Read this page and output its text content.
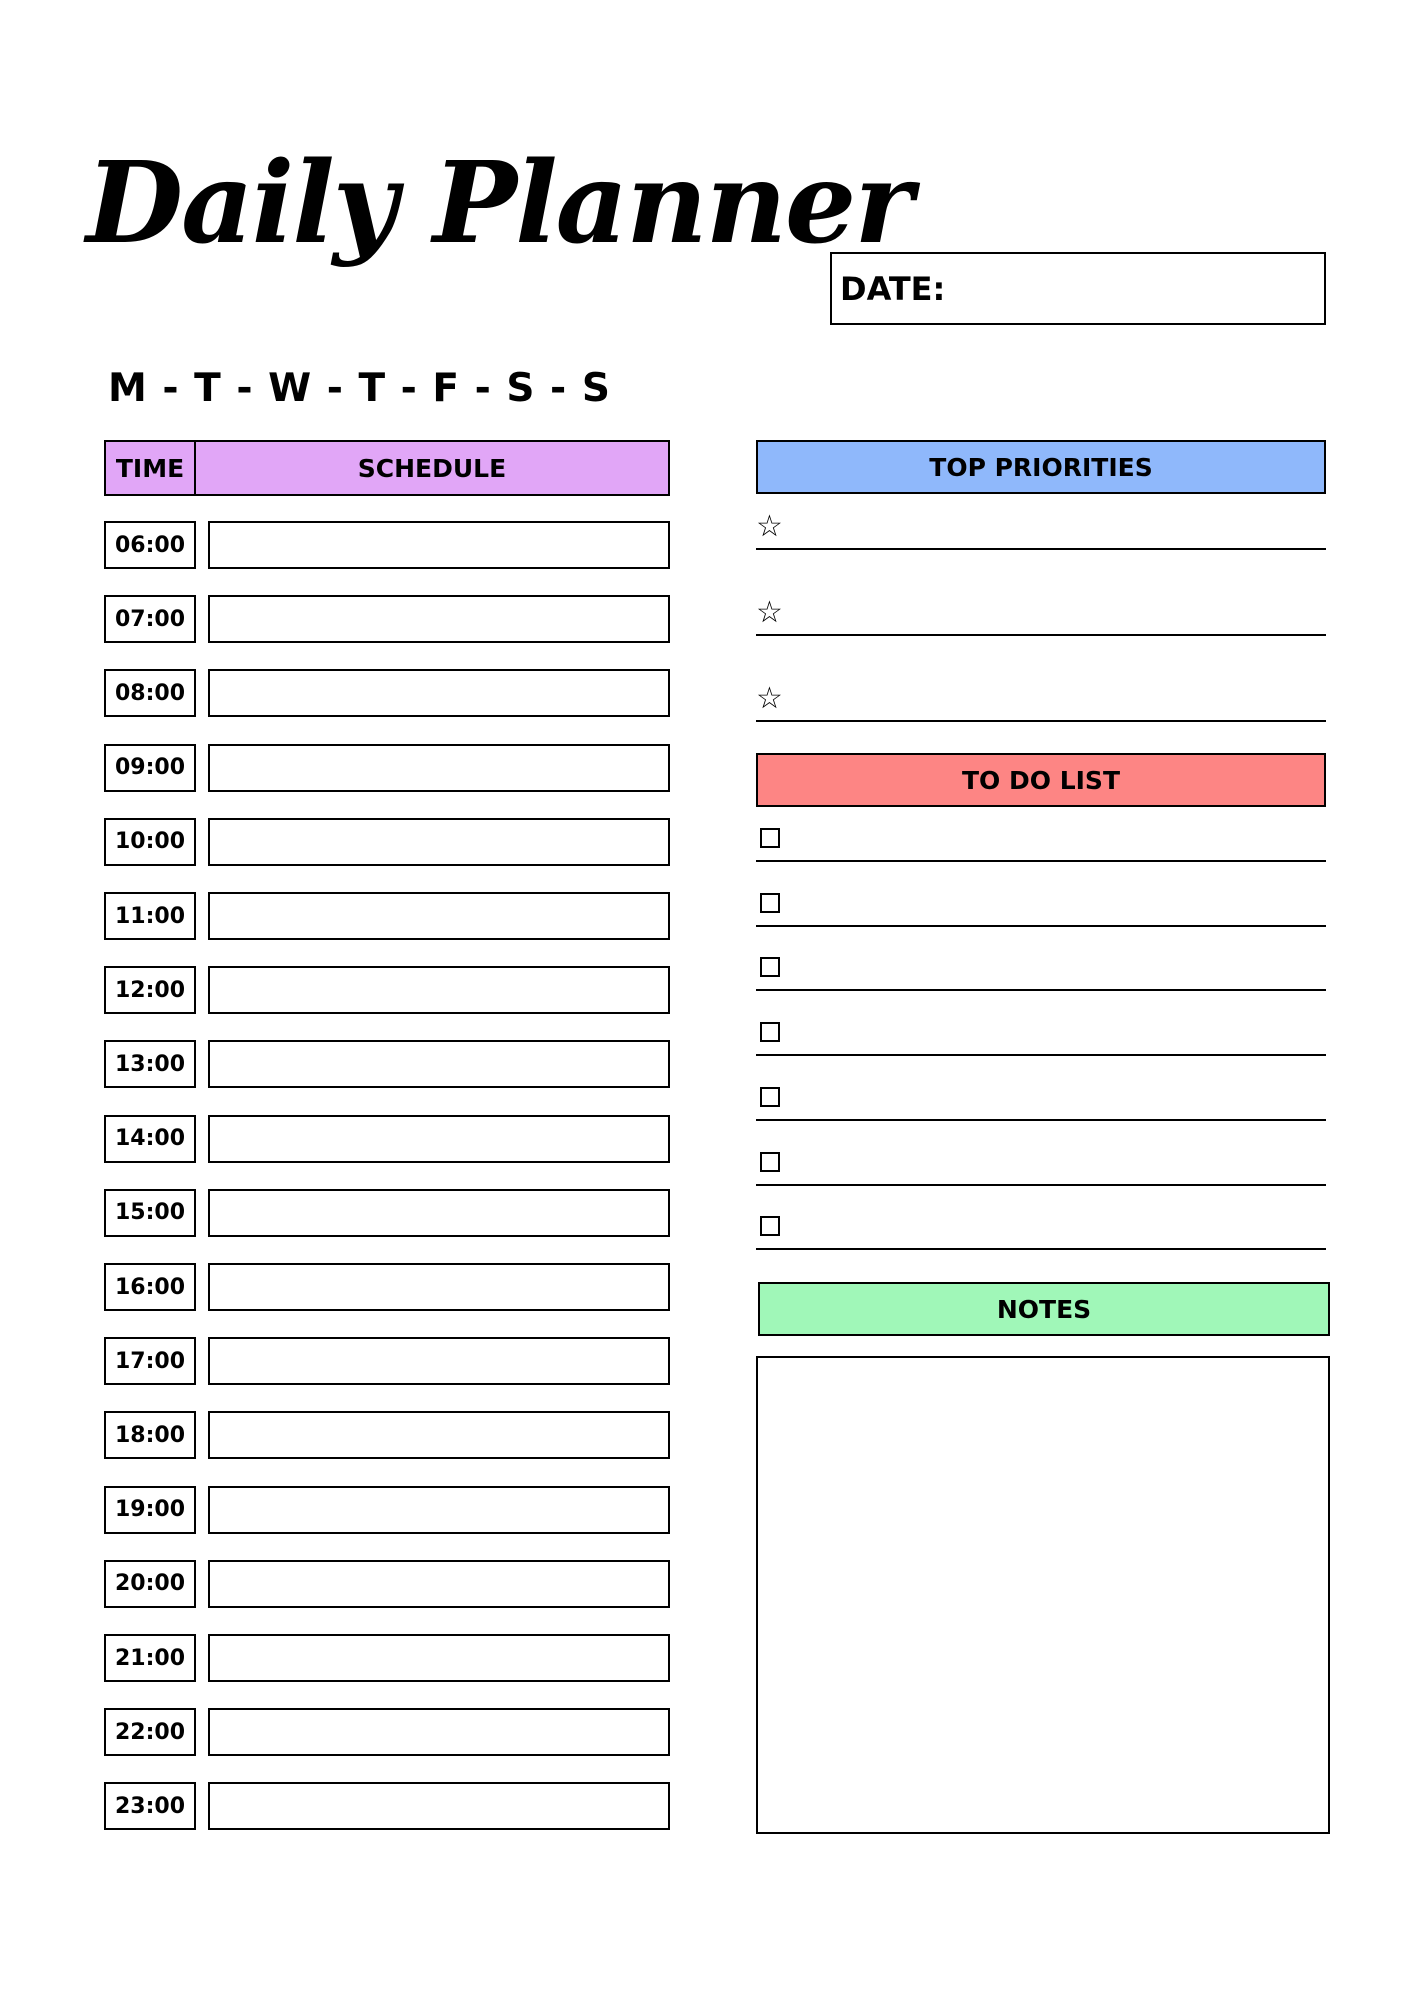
Daily Planner
DATE:
M - T - W - T - F - S - S
TIME	SCHEDULE
06:00
07:00
08:00
09:00
10:00
11:00
12:00
13:00
14:00
15:00
16:00
17:00
18:00
19:00
20:00
21:00
22:00
23:00
TOP PRIORITIES
☆
☆
☆
TO DO LIST
NOTES
